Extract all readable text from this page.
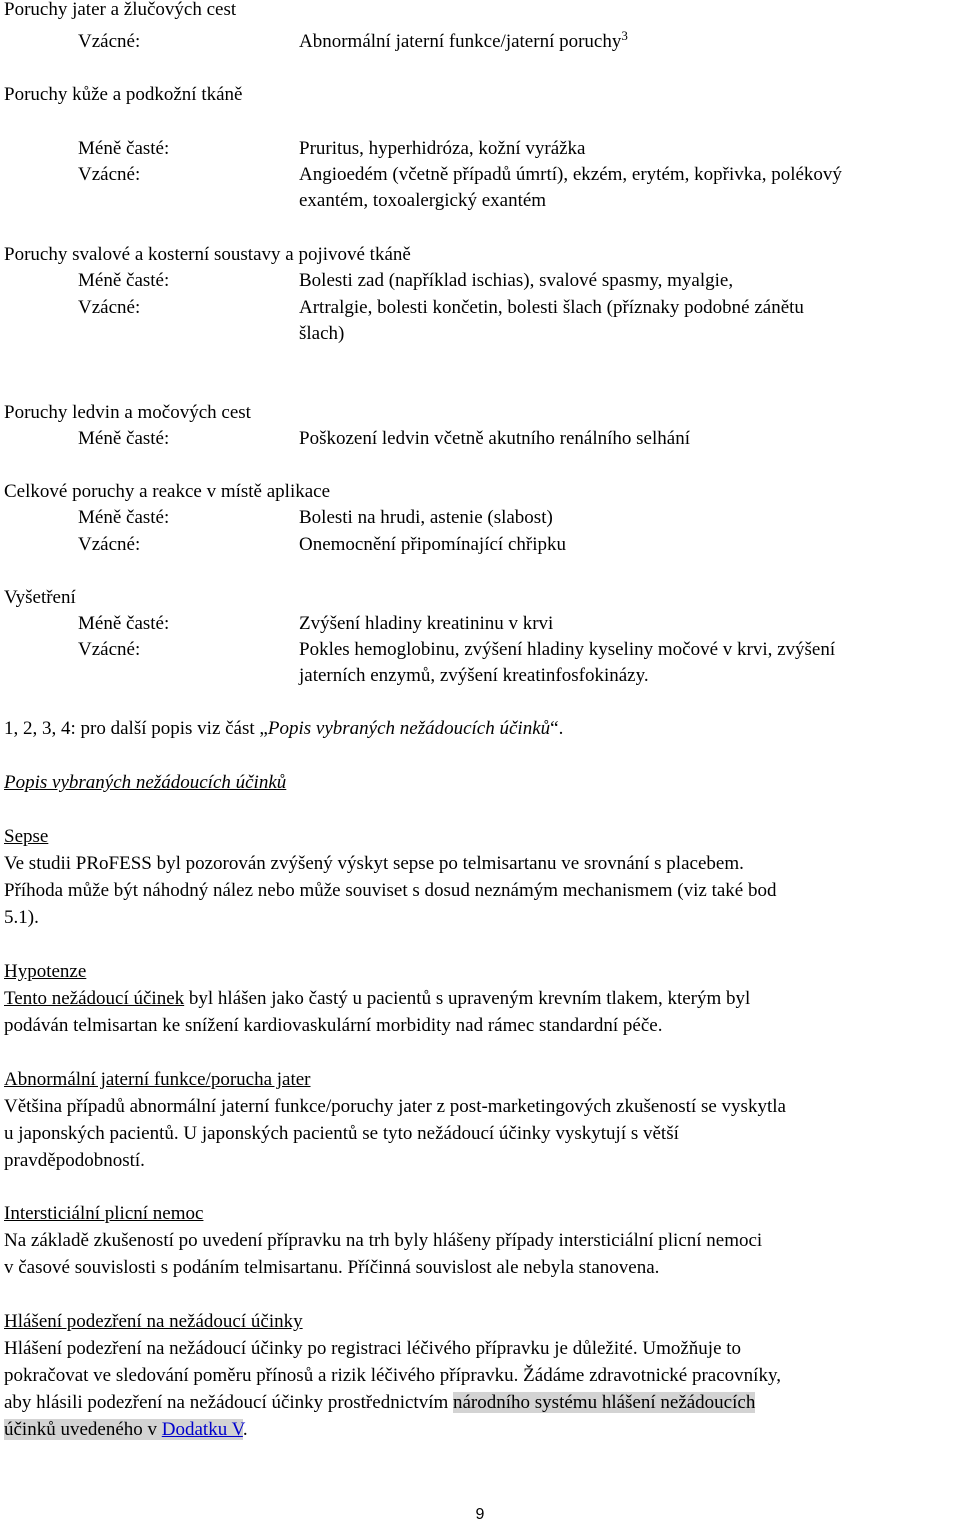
Poruchy jater a žlučových cest
Vzácné:	Abnormální jaterní funkce/jaterní poruchy$^3$
Poruchy kůže a podkožní tkáně
Méně časté:	Pruritus, hyperhidróza, kožní vyrážka
Vzácné:	Angioedém (včetně případů úmrtí), ekzém, erytém, kopřivka, polékový
exantém, toxoalergický exantém
Poruchy svalové a kosterní soustavy a pojivové tkáně
Méně časté:	Bolesti zad (například ischias), svalové spasmy, myalgie,
Vzácné:	Artralgie, bolesti končetin, bolesti šlach (příznaky podobné zánětu
šlach)
Poruchy ledvin a močových cest
Méně časté:	Poškození ledvin včetně akutního renálního selhání
Celkové poruchy a reakce v místě aplikace
Méně časté:	Bolesti na hrudi, astenie (slabost)
Vzácné:	Onemocnění připomínající chřipku
Vyšetření
Méně časté:	Zvýšení hladiny kreatininu v krvi
Vzácné:	Pokles hemoglobinu, zvýšení hladiny kyseliny močové v krvi, zvýšení
jaterních enzymů, zvýšení kreatinfosfokinázy.
1, 2, 3, 4: pro další popis viz část „Popis vybraných nežádoucích účinků“.
Popis vybraných nežádoucích účinků
Sepse
Ve studii PRoFESS byl pozorován zvýšený výskyt sepse po telmisartanu ve srovnání s placebem.
Příhoda může být náhodný nález nebo může souviset s dosud neznámým mechanismem (viz také bod
5.1).
Hypotenze
Tento nežádoucí účinek byl hlášen jako častý u pacientů s upraveným krevním tlakem, kterým byl
podáván telmisartan ke snížení kardiovaskulární morbidity nad rámec standardní péče.
Abnormální jaterní funkce/porucha jater
Většina případů abnormální jaterní funkce/poruchy jater z post-marketingových zkušeností se vyskytla
u japonských pacientů. U japonských pacientů se tyto nežádoucí účinky vyskytují s větší
pravděpodobností.
Intersticiální plicní nemoc
Na základě zkušeností po uvedení přípravku na trh byly hlášeny případy intersticiální plicní nemoci
v časové souvislosti s podáním telmisartanu. Příčinná souvislost ale nebyla stanovena.
Hlášení podezření na nežádoucí účinky
Hlášení podezření na nežádoucí účinky po registraci léčivého přípravku je důležité. Umožňuje to
pokračovat ve sledování poměru přínosů a rizik léčivého přípravku. Žádáme zdravotnické pracovníky,
aby hlásili podezření na nežádoucí účinky prostřednictvím národního systému hlášení nežádoucích
účinků uvedeného v Dodatku V.
9
